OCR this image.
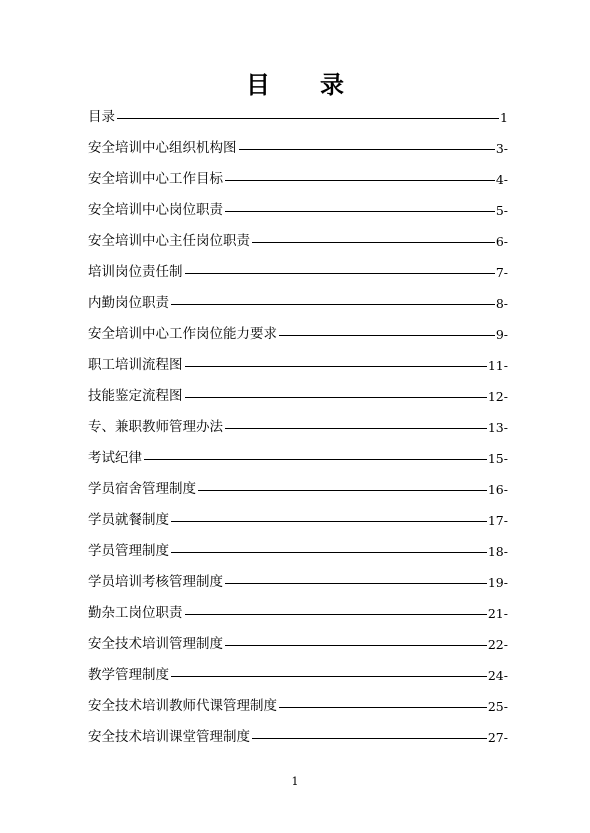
目录
目录	1
安全培训中心组织机构图	3-
安全培训中心工作目标	4-
安全培训中心岗位职责	5-
安全培训中心主任岗位职责	6-
培训岗位责任制	7-
内勤岗位职责	8-
安全培训中心工作岗位能力要求	9-
职工培训流程图	11-
技能鉴定流程图	12-
专、兼职教师管理办法	13-
考试纪律	15-
学员宿舍管理制度	16-
学员就餐制度	17-
学员管理制度	18-
学员培训考核管理制度	19-
勤杂工岗位职责	21-
安全技术培训管理制度	22-
教学管理制度	24-
安全技术培训教师代课管理制度	25-
安全技术培训课堂管理制度	27-
1
